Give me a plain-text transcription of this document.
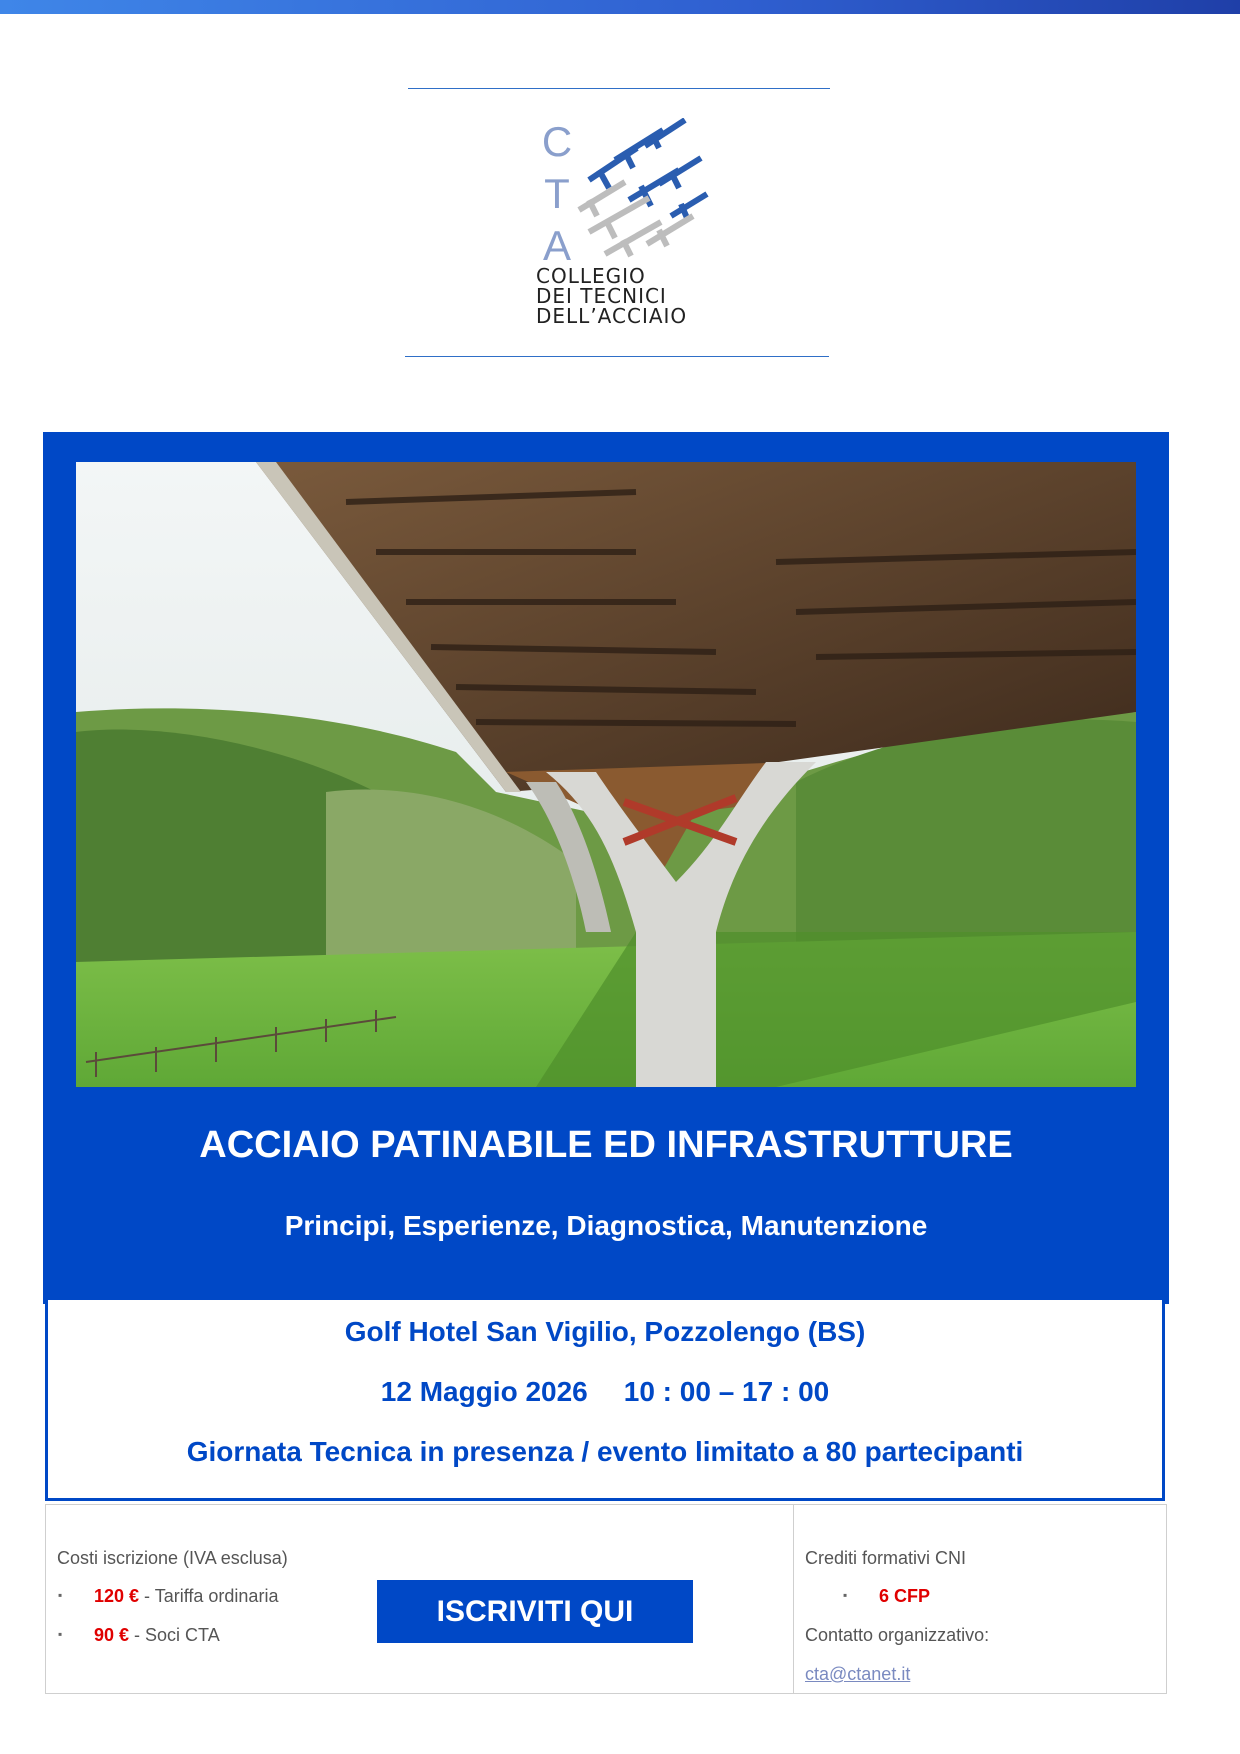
C
T
A
COLLEGIO
DEI TECNICI
DELL’ACCIAIO
ACCIAIO PATINABILE ED INFRASTRUTTURE
Principi, Esperienze, Diagnostica, Manutenzione
Golf Hotel San Vigilio, Pozzolengo (BS)
12 Maggio 2026 10 : 00 – 17 : 00
Giornata Tecnica in presenza / evento limitato a 80 partecipanti
Costi iscrizione (IVA esclusa)
▪ 120 € - Tariffa ordinaria
▪ 90 € - Soci CTA
ISCRIVITI QUI
Crediti formativi CNI
▪ 6 CFP
Contatto organizzativo:
cta@ctanet.it
